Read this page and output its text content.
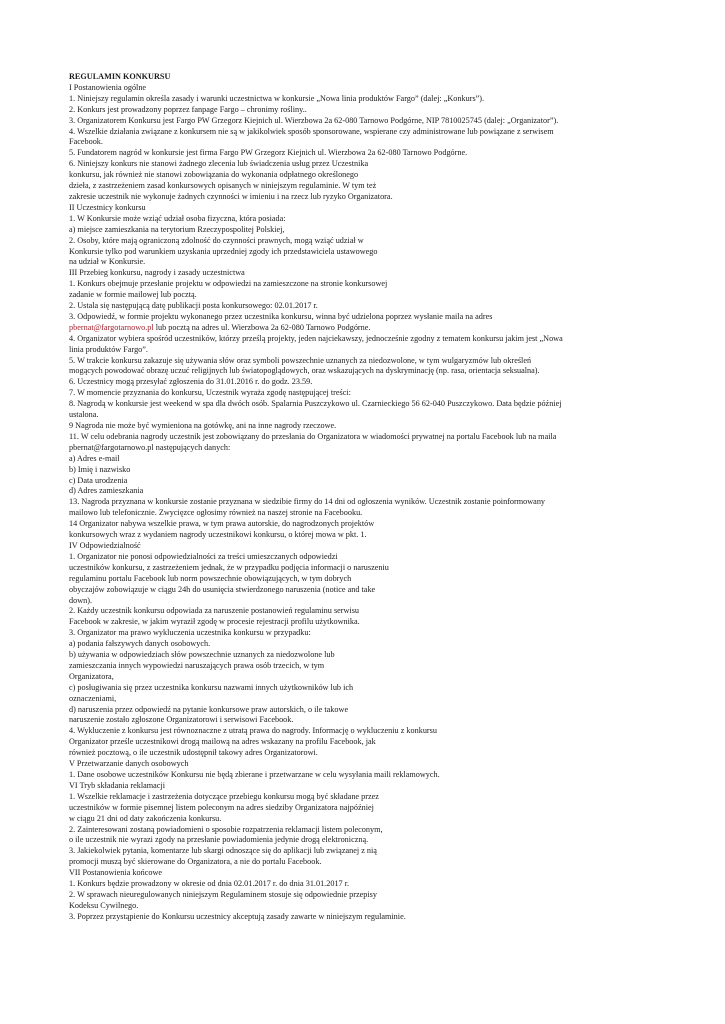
REGULAMIN KONKURSU
I Postanowienia ogólne
1. Niniejszy regulamin określa zasady i warunki uczestnictwa w konkursie „Nowa linia produktów Fargo” (dalej: „Konkurs”).
2. Konkurs jest prowadzony poprzez fanpage Fargo – chronimy rośliny..
3. Organizatorem Konkursu jest Fargo PW Grzegorz Kiejnich ul. Wierzbowa 2a 62-080 Tarnowo Podgórne, NIP 7810025745 (dalej: „Organizator”).
4. Wszelkie działania związane z konkursem nie są w jakikolwiek sposób sponsorowane, wspierane czy administrowane lub powiązane z serwisem
Facebook.
5. Fundatorem nagród w konkursie jest firma Fargo PW Grzegorz Kiejnich ul. Wierzbowa 2a 62-080 Tarnowo Podgórne.
6. Niniejszy konkurs nie stanowi żadnego zlecenia lub świadczenia usług przez Uczestnika
konkursu, jak również nie stanowi zobowiązania do wykonania odpłatnego określonego
dzieła, z zastrzeżeniem zasad konkursowych opisanych w niniejszym regulaminie. W tym też
zakresie uczestnik nie wykonuje żadnych czynności w imieniu i na rzecz lub ryzyko Organizatora.
II Uczestnicy konkursu
1. W Konkursie może wziąć udział osoba fizyczna, która posiada:
a) miejsce zamieszkania na terytorium Rzeczypospolitej Polskiej,
2. Osoby, które mają ograniczoną zdolność do czynności prawnych, mogą wziąć udział w
Konkursie tylko pod warunkiem uzyskania uprzedniej zgody ich przedstawiciela ustawowego
na udział w Konkursie.
III Przebieg konkursu, nagrody i zasady uczestnictwa
1. Konkurs obejmuje przesłanie projektu w odpowiedzi na zamieszczone na stronie konkursowej
zadanie w formie mailowej lub pocztą.
2. Ustala się następującą datę publikacji posta konkursowego: 02.01.2017 r.
3. Odpowiedź, w formie projektu wykonanego przez uczestnika konkursu, winna być udzielona poprzez wysłanie maila na adres
pbernat@fargotarnowo.pl lub pocztą na adres ul. Wierzbowa 2a 62-080 Tarnowo Podgórne.
4. Organizator wybiera spośród uczestników, którzy prześlą projekty, jeden najciekawszy, jednocześnie zgodny z tematem konkursu jakim jest „Nowa
linia produktów Fargo”.
5. W trakcie konkursu zakazuje się używania słów oraz symboli powszechnie uznanych za niedozwolone, w tym wulgaryzmów lub określeń
mogących powodować obrazę uczuć religijnych lub światopoglądowych, oraz wskazujących na dyskryminację (np. rasa, orientacja seksualna).
6. Uczestnicy mogą przesyłać zgłoszenia do 31.01.2016 r. do godz. 23.59.
7. W momencie przyznania do konkursu, Uczestnik wyraża zgodę następującej treści:
8. Nagrodą w konkursie jest weekend w spa dla dwóch osób. Spalarnia Puszczykowo ul. Czarnieckiego 56 62-040 Puszczykowo. Data będzie później
ustalona.
9 Nagroda nie może być wymieniona na gotówkę, ani na inne nagrody rzeczowe.
11. W celu odebrania nagrody uczestnik jest zobowiązany do przesłania do Organizatora w wiadomości prywatnej na portalu Facebook lub na maila
pbernat@fargotarnowo.pl następujących danych:
a) Adres e-mail
b) Imię i nazwisko
c) Data urodzenia
d) Adres zamieszkania
13. Nagroda przyznana w konkursie zostanie przyznana w siedzibie firmy do 14 dni od ogłoszenia wyników. Uczestnik zostanie poinformowany
mailowo lub telefonicznie. Zwycięzce ogłosimy również na naszej stronie na Facebooku.
14 Organizator nabywa wszelkie prawa, w tym prawa autorskie, do nagrodzonych projektów
konkursowych wraz z wydaniem nagrody uczestnikowi konkursu, o której mowa w pkt. 1.
IV Odpowiedzialność
1. Organizator nie ponosi odpowiedzialności za treści umieszczanych odpowiedzi
uczestników konkursu, z zastrzeżeniem jednak, że w przypadku podjęcia informacji o naruszeniu
regulaminu portalu Facebook lub norm powszechnie obowiązujących, w tym dobrych
obyczajów zobowiązuje w ciągu 24h do usunięcia stwierdzonego naruszenia (notice and take
down).
2. Każdy uczestnik konkursu odpowiada za naruszenie postanowień regulaminu serwisu
Facebook w zakresie, w jakim wyraził zgodę w procesie rejestracji profilu użytkownika.
3. Organizator ma prawo wykluczenia uczestnika konkursu w przypadku:
a) podania fałszywych danych osobowych.
b) używania w odpowiedziach słów powszechnie uznanych za niedozwolone lub
zamieszczania innych wypowiedzi naruszających prawa osób trzecich, w tym
Organizatora,
c) posługiwania się przez uczestnika konkursu nazwami innych użytkowników lub ich
oznaczeniami,
d) naruszenia przez odpowiedź na pytanie konkursowe praw autorskich, o ile takowe
naruszenie zostało zgłoszone Organizatorowi i serwisowi Facebook.
4. Wykluczenie z konkursu jest równoznaczne z utratą prawa do nagrody. Informację o wykluczeniu z konkursu
Organizator prześle uczestnikowi drogą mailową na adres wskazany na profilu Facebook, jak
również pocztową, o ile uczestnik udostępnił takowy adres Organizatorowi.
V Przetwarzanie danych osobowych
1. Dane osobowe uczestników Konkursu nie będą zbierane i przetwarzane w celu wysyłania maili reklamowych.
VI Tryb składania reklamacji
1. Wszelkie reklamacje i zastrzeżenia dotyczące przebiegu konkursu mogą być składane przez
uczestników w formie pisemnej listem poleconym na adres siedziby Organizatora najpóźniej
w ciągu 21 dni od daty zakończenia konkursu.
2. Zainteresowani zostaną powiadomieni o sposobie rozpatrzenia reklamacji listem poleconym,
o ile uczestnik nie wyrazi zgody na przesłanie powiadomienia jedynie drogą elektroniczną.
3. Jakiekolwiek pytania, komentarze lub skargi odnoszące się do aplikacji lub związanej z nią
promocji muszą być skierowane do Organizatora, a nie do portalu Facebook.
VII Postanowienia końcowe
1. Konkurs będzie prowadzony w okresie od dnia 02.01.2017 r. do dnia 31.01.2017 r.
2. W sprawach nieuregulowanych niniejszym Regulaminem stosuje się odpowiednie przepisy
Kodeksu Cywilnego.
3. Poprzez przystąpienie do Konkursu uczestnicy akceptują zasady zawarte w niniejszym regulaminie.
